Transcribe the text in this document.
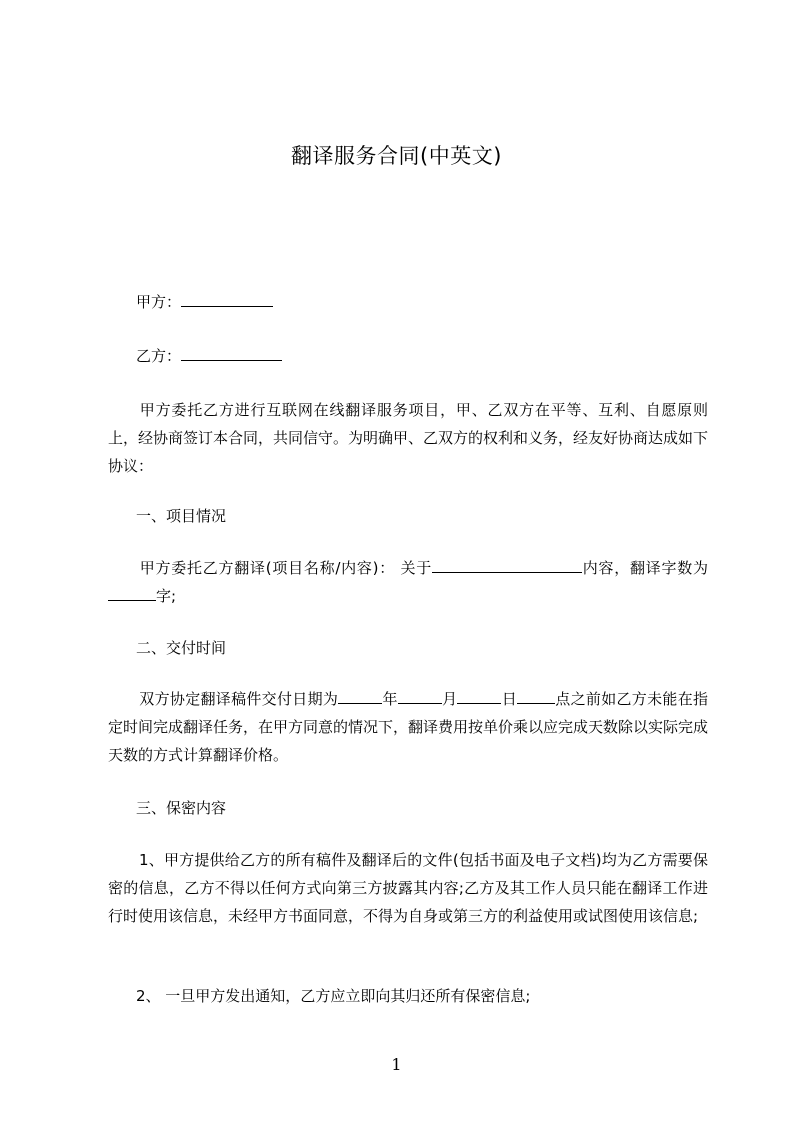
翻译服务合同(中英文)
甲方：
乙方：
甲方委托乙方进行互联网在线翻译服务项目，甲、乙双方在平等、互利、自愿原则上，经协商签订本合同，共同信守。为明确甲、乙双方的权利和义务，经友好协商达成如下协议：
一、项目情况
甲方委托乙方翻译(项目名称/内容)： 关于	内容，翻译字数为字;
二、交付时间
双方协定翻译稿件交付日期为	年	月	日	点之前如乙方未能在指定时间完成翻译任务，在甲方同意的情况下，翻译费用按单价乘以应完成天数除以实际完成天数的方式计算翻译价格。
三、保密内容
1、甲方提供给乙方的所有稿件及翻译后的文件(包括书面及电子文档)均为乙方需要保密的信息，乙方不得以任何方式向第三方披露其内容;乙方及其工作人员只能在翻译工作进行时使用该信息，未经甲方书面同意，不得为自身或第三方的利益使用或试图使用该信息;
2、 一旦甲方发出通知，乙方应立即向其归还所有保密信息;
1
